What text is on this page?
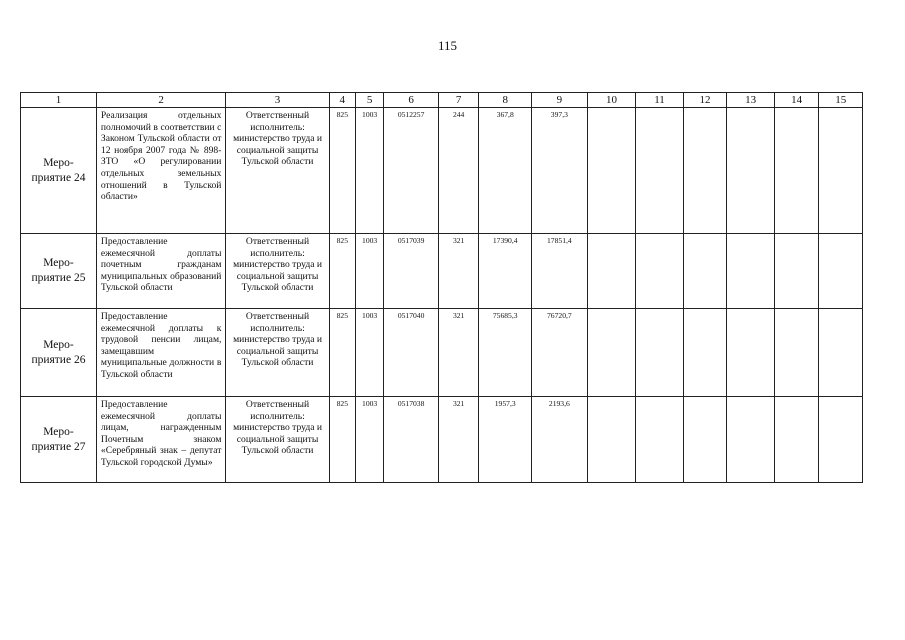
115
1	2	3	4	5	6	7	8	9	10	11	12	13	14	15
Меро-
приятие 24	Реализация отдельных полномочий в соответствии с Законом Тульской области от 12 ноября 2007 года № 898-ЗТО «О регулировании отдельных земельных отношений в Тульской области»	Ответственный исполнитель: министерство труда и социальной защиты Тульской области	825	1003	0512257	244	367,8	397,3						
Меро-
приятие 25	Предоставление ежемесячной доплаты почетным гражданам муниципальных образований Тульской области	Ответственный исполнитель: министерство труда и социальной защиты Тульской области	825	1003	0517039	321	17390,4	17851,4						
Меро-
приятие 26	Предоставление ежемесячной доплаты к трудовой пенсии лицам, замещавшим муниципальные должности в Тульской области	Ответственный исполнитель: министерство труда и социальной защиты Тульской области	825	1003	0517040	321	75685,3	76720,7						
Меро-
приятие 27	Предоставление ежемесячной доплаты лицам, награжденным Почетным знаком «Серебряный знак – депутат Тульской городской Думы»	Ответственный исполнитель: министерство труда и социальной защиты Тульской области	825	1003	0517038	321	1957,3	2193,6						
